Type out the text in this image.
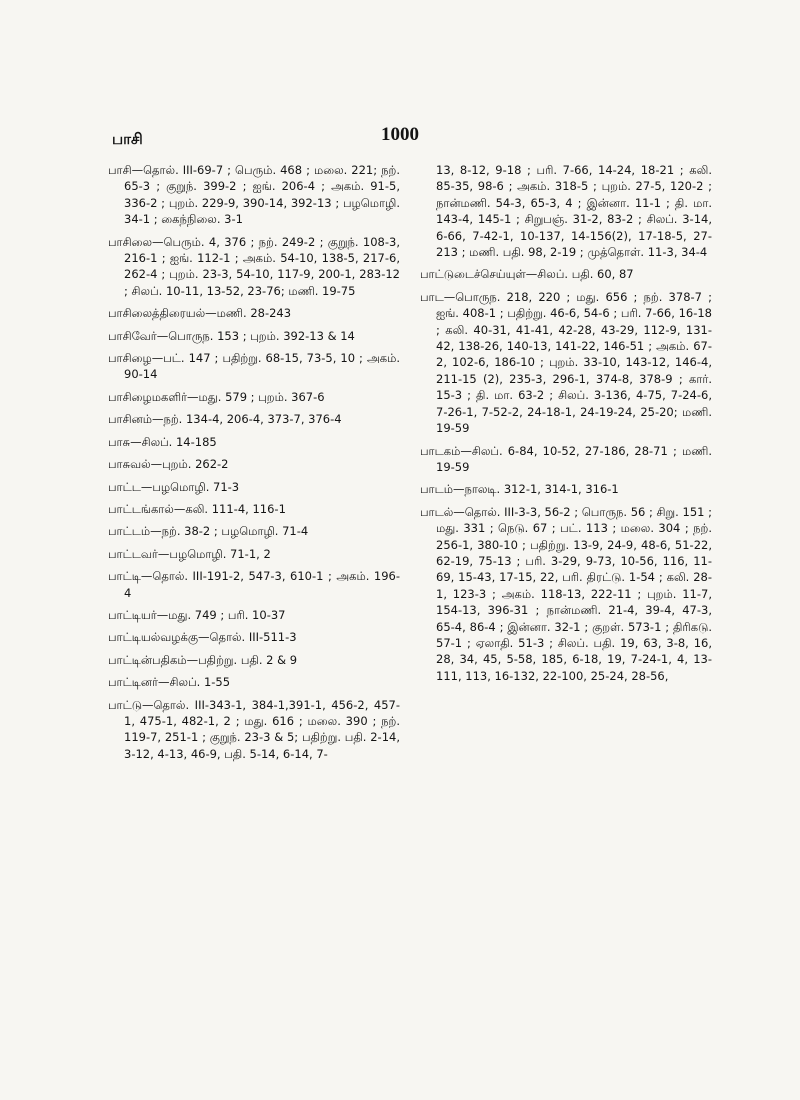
பாசி	1000
பாசி—தொல். III-69-7 ; பெரும். 468 ; மலை. 221; நற். 65-3 ; குறுந். 399-2 ; ஐங். 206-4 ; அகம். 91-5, 336-2 ; புறம். 229-9, 390-14, 392-13 ; பழமொழி. 34-1 ; கைந்நிலை. 3-1
பாசிலை—பெரும். 4, 376 ; நற். 249-2 ; குறுந். 108-3, 216-1 ; ஐங். 112-1 ; அகம். 54-10, 138-5, 217-6, 262-4 ; புறம். 23-3, 54-10, 117-9, 200-1, 283-12 ; சிலப். 10-11, 13-52, 23-76; மணி. 19-75
பாசிலைத்திரையல்—மணி. 28-243
பாசிவேர்—பொருந. 153 ; புறம். 392-13 & 14
பாசிழை—பட். 147 ; பதிற்று. 68-15, 73-5, 10 ; அகம். 90-14
பாசிழைமகளிர்—மது. 579 ; புறம். 367-6
பாசினம்—நற். 134-4, 206-4, 373-7, 376-4
பாசு—சிலப். 14-185
பாசுவல்—புறம். 262-2
பாட்ட—பழமொழி. 71-3
பாட்டங்கால்—கலி. 111-4, 116-1
பாட்டம்—நற். 38-2 ; பழமொழி. 71-4
பாட்டவர்—பழமொழி. 71-1, 2
பாட்டி—தொல். III-191-2, 547-3, 610-1 ; அகம். 196-4
பாட்டியர்—மது. 749 ; பரி. 10-37
பாட்டியல்வழக்கு—தொல். III-511-3
பாட்டின்பதிகம்—பதிற்று. பதி. 2 & 9
பாட்டினர்—சிலப். 1-55
பாட்டு—தொல். III-343-1, 384-1,391-1, 456-2, 457-1, 475-1, 482-1, 2 ; மது. 616 ; மலை. 390 ; நற். 119-7, 251-1 ; குறுந். 23-3 & 5; பதிற்று. பதி. 2-14, 3-12, 4-13, 46-9, பதி. 5-14, 6-14, 7-
13, 8-12, 9-18 ; பரி. 7-66, 14-24, 18-21 ; கலி. 85-35, 98-6 ; அகம். 318-5 ; புறம். 27-5, 120-2 ; நான்மணி. 54-3, 65-3, 4 ; இன்னா. 11-1 ; தி. மா. 143-4, 145-1 ; சிறுபஞ். 31-2, 83-2 ; சிலப். 3-14, 6-66, 7-42-1, 10-137, 14-156(2), 17-18-5, 27-213 ; மணி. பதி. 98, 2-19 ; முத்தொள். 11-3, 34-4
பாட்டுடைச்செய்யுள்—சிலப். பதி. 60, 87
பாட—பொருந. 218, 220 ; மது. 656 ; நற். 378-7 ; ஐங். 408-1 ; பதிற்று. 46-6, 54-6 ; பரி. 7-66, 16-18 ; கலி. 40-31, 41-41, 42-28, 43-29, 112-9, 131-42, 138-26, 140-13, 141-22, 146-51 ; அகம். 67-2, 102-6, 186-10 ; புறம். 33-10, 143-12, 146-4, 211-15 (2), 235-3, 296-1, 374-8, 378-9 ; கார். 15-3 ; தி. மா. 63-2 ; சிலப். 3-136, 4-75, 7-24-6, 7-26-1, 7-52-2, 24-18-1, 24-19-24, 25-20; மணி. 19-59
பாடகம்—சிலப். 6-84, 10-52, 27-186, 28-71 ; மணி. 19-59
பாடம்—நாலடி. 312-1, 314-1, 316-1
பாடல்—தொல். III-3-3, 56-2 ; பொருந. 56 ; சிறு. 151 ; மது. 331 ; நெடு. 67 ; பட். 113 ; மலை. 304 ; நற். 256-1, 380-10 ; பதிற்று. 13-9, 24-9, 48-6, 51-22, 62-19, 75-13 ; பரி. 3-29, 9-73, 10-56, 116, 11-69, 15-43, 17-15, 22, பரி. திரட்டு. 1-54 ; கலி. 28-1, 123-3 ; அகம். 118-13, 222-11 ; புறம். 11-7, 154-13, 396-31 ; நான்மணி. 21-4, 39-4, 47-3, 65-4, 86-4 ; இன்னா. 32-1 ; குறள். 573-1 ; திரிகடு. 57-1 ; ஏலாதி. 51-3 ; சிலப். பதி. 19, 63, 3-8, 16, 28, 34, 45, 5-58, 185, 6-18, 19, 7-24-1, 4, 13-111, 113, 16-132, 22-100, 25-24, 28-56,
